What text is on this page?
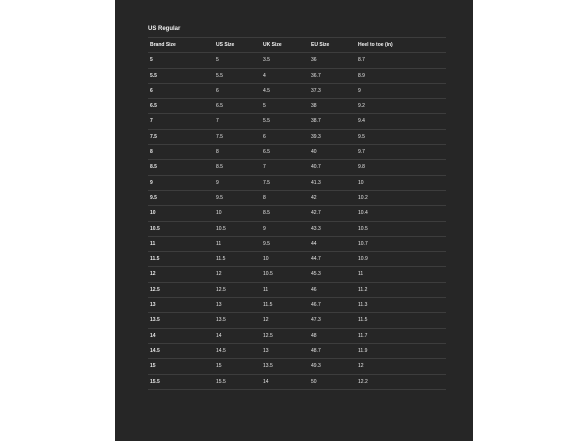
US Regular
Brand Size	US Size	UK Size	EU Size	Heel to toe (in)
5	5	3.5	36	8.7
5.5	5.5	4	36.7	8.9
6	6	4.5	37.3	9
6.5	6.5	5	38	9.2
7	7	5.5	38.7	9.4
7.5	7.5	6	39.3	9.5
8	8	6.5	40	9.7
8.5	8.5	7	40.7	9.8
9	9	7.5	41.3	10
9.5	9.5	8	42	10.2
10	10	8.5	42.7	10.4
10.5	10.5	9	43.3	10.5
11	11	9.5	44	10.7
11.5	11.5	10	44.7	10.9
12	12	10.5	45.3	11
12.5	12.5	11	46	11.2
13	13	11.5	46.7	11.3
13.5	13.5	12	47.3	11.5
14	14	12.5	48	11.7
14.5	14.5	13	48.7	11.9
15	15	13.5	49.3	12
15.5	15.5	14	50	12.2
